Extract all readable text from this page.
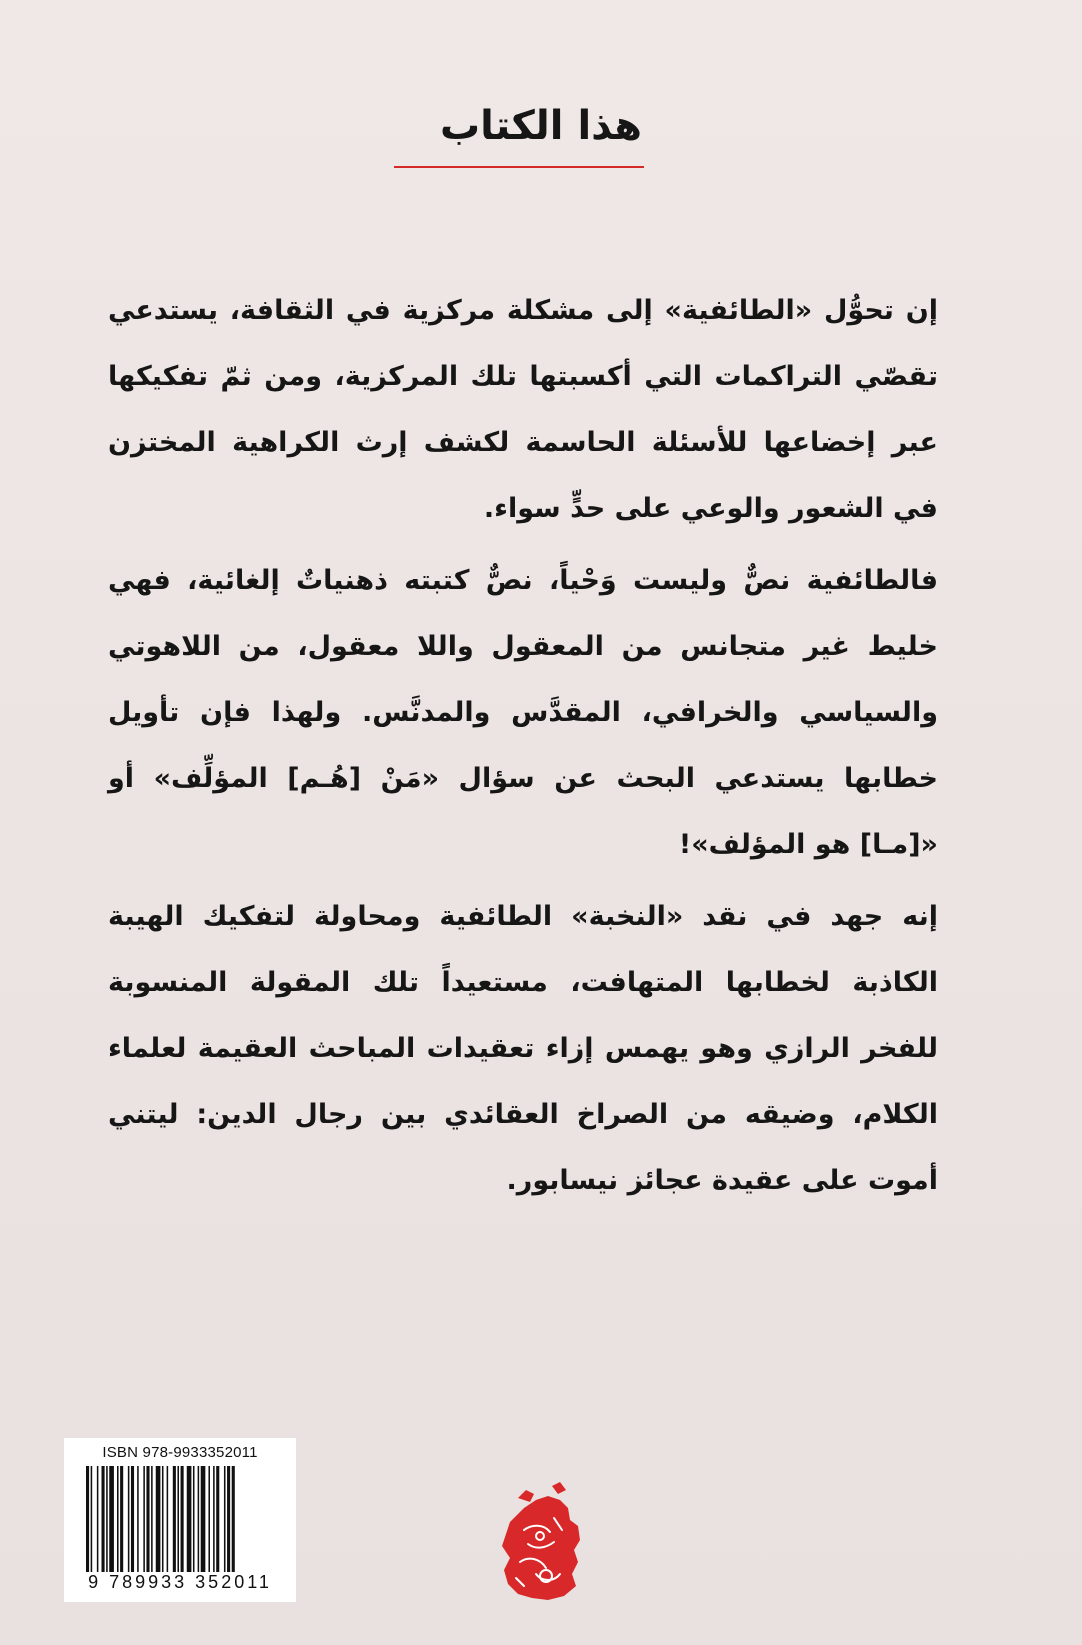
هذا الكتاب

إن تحوُّل «الطائفية» إلى مشكلة مركزية في الثقافة، يستدعي تقصّي التراكمات التي أكسبتها تلك المركزية، ومن ثمّ تفكيكها عبر إخضاعها للأسئلة الحاسمة لكشف إرث الكراهية المختزن في الشعور والوعي على حدٍّ سواء.

فالطائفية نصٌّ وليست وَحْياً، نصٌّ كتبته ذهنياتٌ إلغائية، فهي خليط غير متجانس من المعقول واللا معقول، من اللاهوتي والسياسي والخرافي، المقدَّس والمدنَّس. ولهذا فإن تأويل خطابها يستدعي البحث عن سؤال «مَنْ [هُـم] المؤلِّف» أو «[مـا] هو المؤلف»!

إنه جهد في نقد «النخبة» الطائفية ومحاولة لتفكيك الهيبة الكاذبة لخطابها المتهافت، مستعيداً تلك المقولة المنسوبة للفخر الرازي وهو يهمس إزاء تعقيدات المباحث العقيمة لعلماء الكلام، وضيقه من الصراخ العقائدي بين رجال الدين: ليتني أموت على عقيدة عجائز نيسابور.

ISBN 978-9933352011
9 789933 352011
